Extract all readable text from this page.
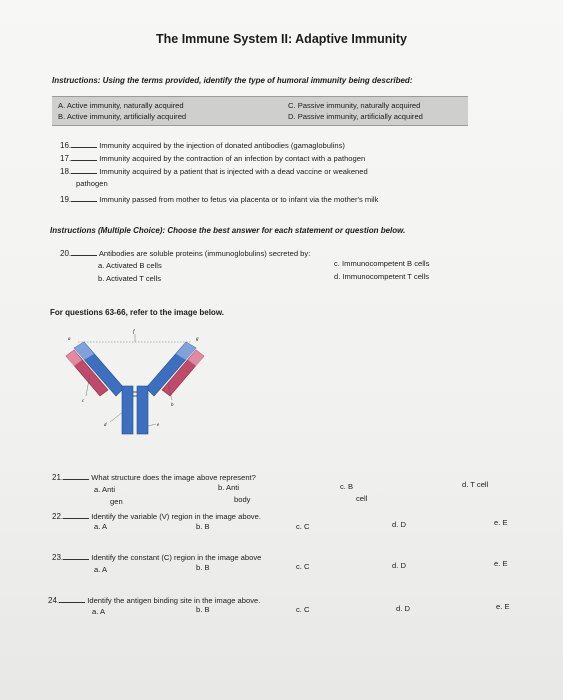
The Immune System II: Adaptive Immunity
Instructions: Using the terms provided, identify the type of humoral immunity being described:
A. Active immunity, naturally acquired
B. Active immunity, artificially acquired
C. Passive immunity, naturally acquired
D. Passive immunity, artificially acquired
16.	Immunity acquired by the injection of donated antibodies (gamaglobulins)
17.	Immunity acquired by the contraction of an infection by contact with a pathogen
18.	Immunity acquired by a patient that is injected with a dead vaccine or weakened
pathogen
19.	Immunity passed from mother to fetus via placenta or to infant via the mother's milk
Instructions (Multiple Choice): Choose the best answer for each statement or question below.
20.	Antibodies are soluble proteins (immunoglobulins) secreted by:
a. Activated B cells
b. Activated T cells
c. Immunocompetent B cells
d. Immunocompetent T cells
For questions 63-66, refer to the image below.
f
a	g
c
b
d	e
21.	What structure does the image above represent?
a. Anti
gen
b. Anti
body
c. B
cell
d. T cell
22.	Identify the variable (V) region in the image above.
a. A	b. B	c. C	d. D	e. E
23.	Identify the constant (C) region in the image above
a. A	b. B	c. C	d. D	e. E
24.	Identify the antigen binding site in the image above.
a. A	b. B	c. C	d. D	e. E
